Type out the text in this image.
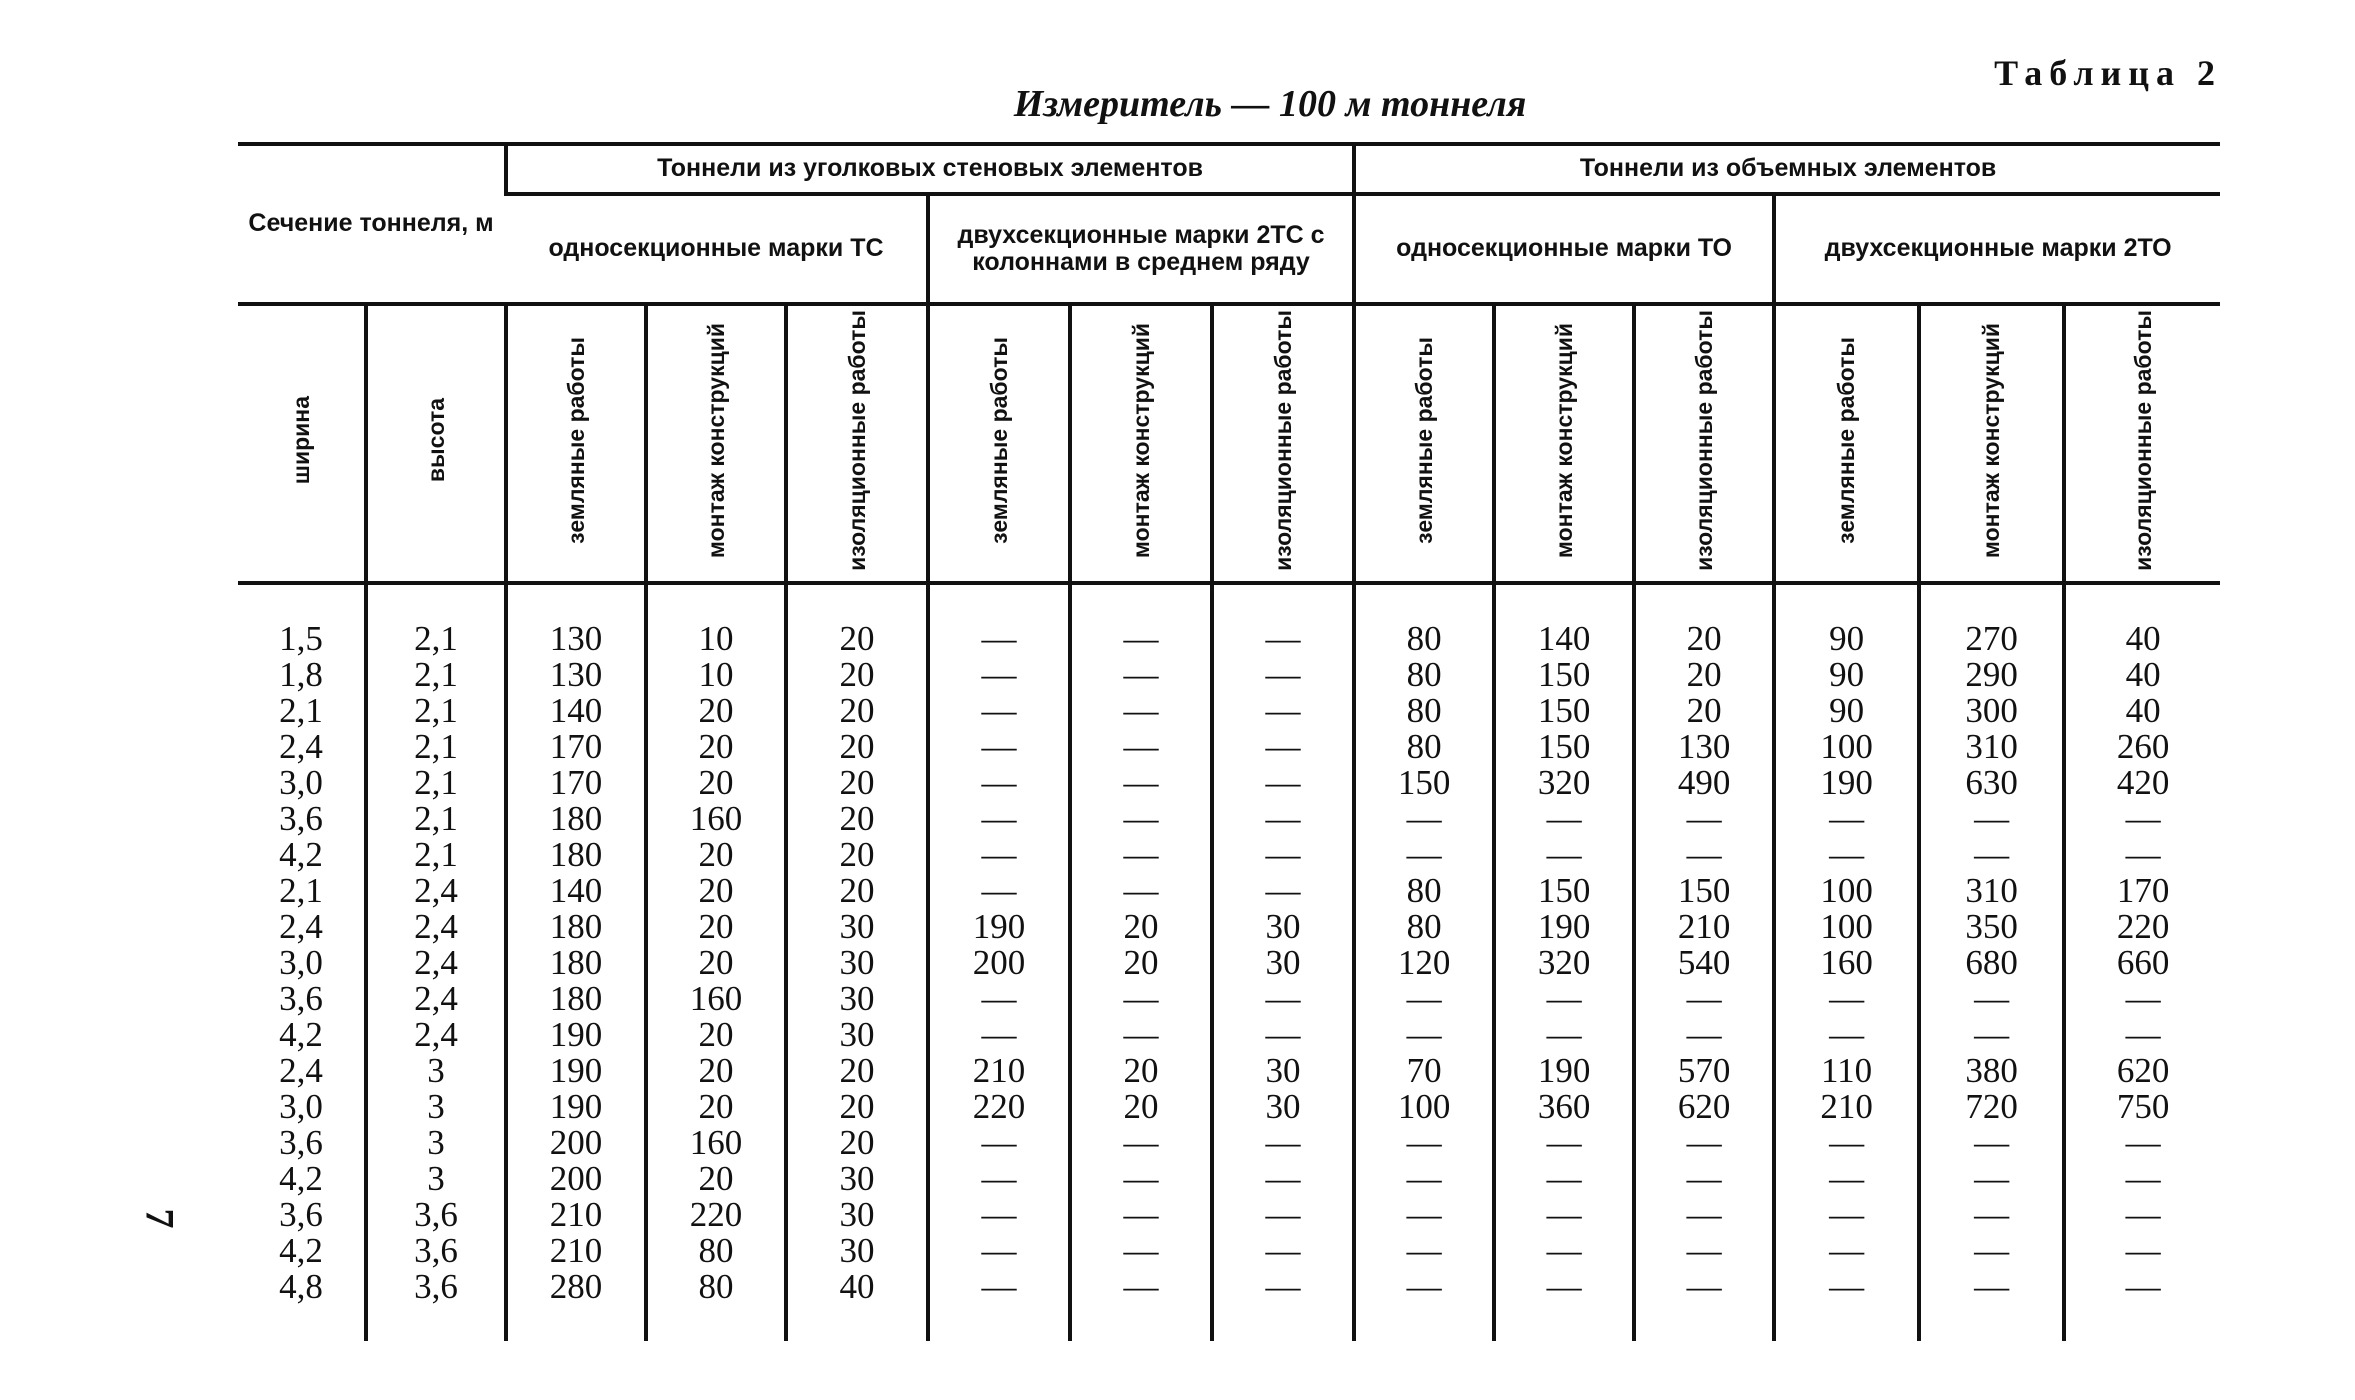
Таблица 2
Измеритель — 100 м тоннеля
7
Сечение тоннеля, м		Тоннели из уголковых стеновых элементов						Тоннели из объемных элементов					
		односекционные марки ТС			двухсекционные марки 2ТС с колоннами в среднем ряду			односекционные марки ТО			двухсекционные марки 2ТО		
ширина	высота	земляные работы	монтаж конструкций	изоляционные работы	земляные работы	монтаж конструкций	изоляционные работы	земляные работы	монтаж конструкций	изоляционные работы	земляные работы	монтаж конструкций	изоляционные работы
1,5	2,1	130	10	20	—	—	—	80	140	20	90	270	40
1,8	2,1	130	10	20	—	—	—	80	150	20	90	290	40
2,1	2,1	140	20	20	—	—	—	80	150	20	90	300	40
2,4	2,1	170	20	20	—	—	—	80	150	130	100	310	260
3,0	2,1	170	20	20	—	—	—	150	320	490	190	630	420
3,6	2,1	180	160	20	—	—	—	—	—	—	—	—	—
4,2	2,1	180	20	20	—	—	—	—	—	—	—	—	—
2,1	2,4	140	20	20	—	—	—	80	150	150	100	310	170
2,4	2,4	180	20	30	190	20	30	80	190	210	100	350	220
3,0	2,4	180	20	30	200	20	30	120	320	540	160	680	660
3,6	2,4	180	160	30	—	—	—	—	—	—	—	—	—
4,2	2,4	190	20	30	—	—	—	—	—	—	—	—	—
2,4	3	190	20	20	210	20	30	70	190	570	110	380	620
3,0	3	190	20	20	220	20	30	100	360	620	210	720	750
3,6	3	200	160	20	—	—	—	—	—	—	—	—	—
4,2	3	200	20	30	—	—	—	—	—	—	—	—	—
3,6	3,6	210	220	30	—	—	—	—	—	—	—	—	—
4,2	3,6	210	80	30	—	—	—	—	—	—	—	—	—
4,8	3,6	280	80	40	—	—	—	—	—	—	—	—	—
